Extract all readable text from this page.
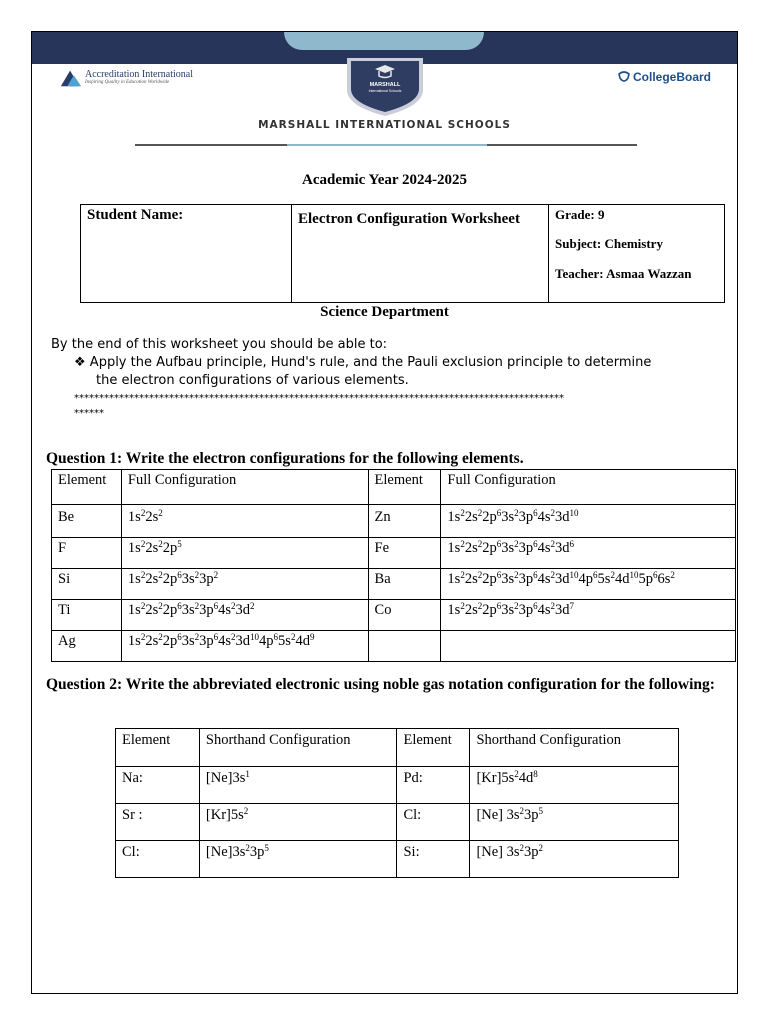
Accreditation International
Inspiring Quality in Education Worldwide	MARSHALL
International Schools
CollegeBoard
MARSHALL INTERNATIONAL SCHOOLS
Academic Year 2024-2025
Student Name:	Electron Configuration Worksheet	Grade: 9
Subject: Chemistry
Teacher: Asmaa Wazzan
Science Department
By the end of this worksheet you should be able to:
❖ Apply the Aufbau principle, Hund's rule, and the Pauli exclusion principle to determine
the electron configurations of various elements.
**************************************************************************************************
******
Question 1: Write the electron configurations for the following elements.
Element	Full Configuration	Element	Full Configuration
Be	$1s^22s^2$	Zn	$1s^22s^22p^63s^23p^64s^23d^{10}$
F	$1s^22s^22p^5$	Fe	$1s^22s^22p^63s^23p^64s^23d^6$
Si	$1s^22s^22p^63s^23p^2$	Ba	$1s^22s^22p^63s^23p^64s^23d^{10}4p^65s^24d^{10}5p^66s^2$
Ti	$1s^22s^22p^63s^23p^64s^23d^2$	Co	$1s^22s^22p^63s^23p^64s^23d^7$
Ag	$1s^22s^22p^63s^23p^64s^23d^{10}4p^65s^24d^9$		
Question 2: Write the abbreviated electronic using noble gas notation configuration for the following:
Element	Shorthand Configuration	Element	Shorthand Configuration
Na:	$[Ne]3s^1$	Pd:	$[Kr]5s^24d^8$
Sr :	$[Kr]5s^2$	Cl:	[Ne] $3s^23p^5$
Cl:	$[Ne]3s^23p^5$	Si:	[Ne] $3s^23p^2$
